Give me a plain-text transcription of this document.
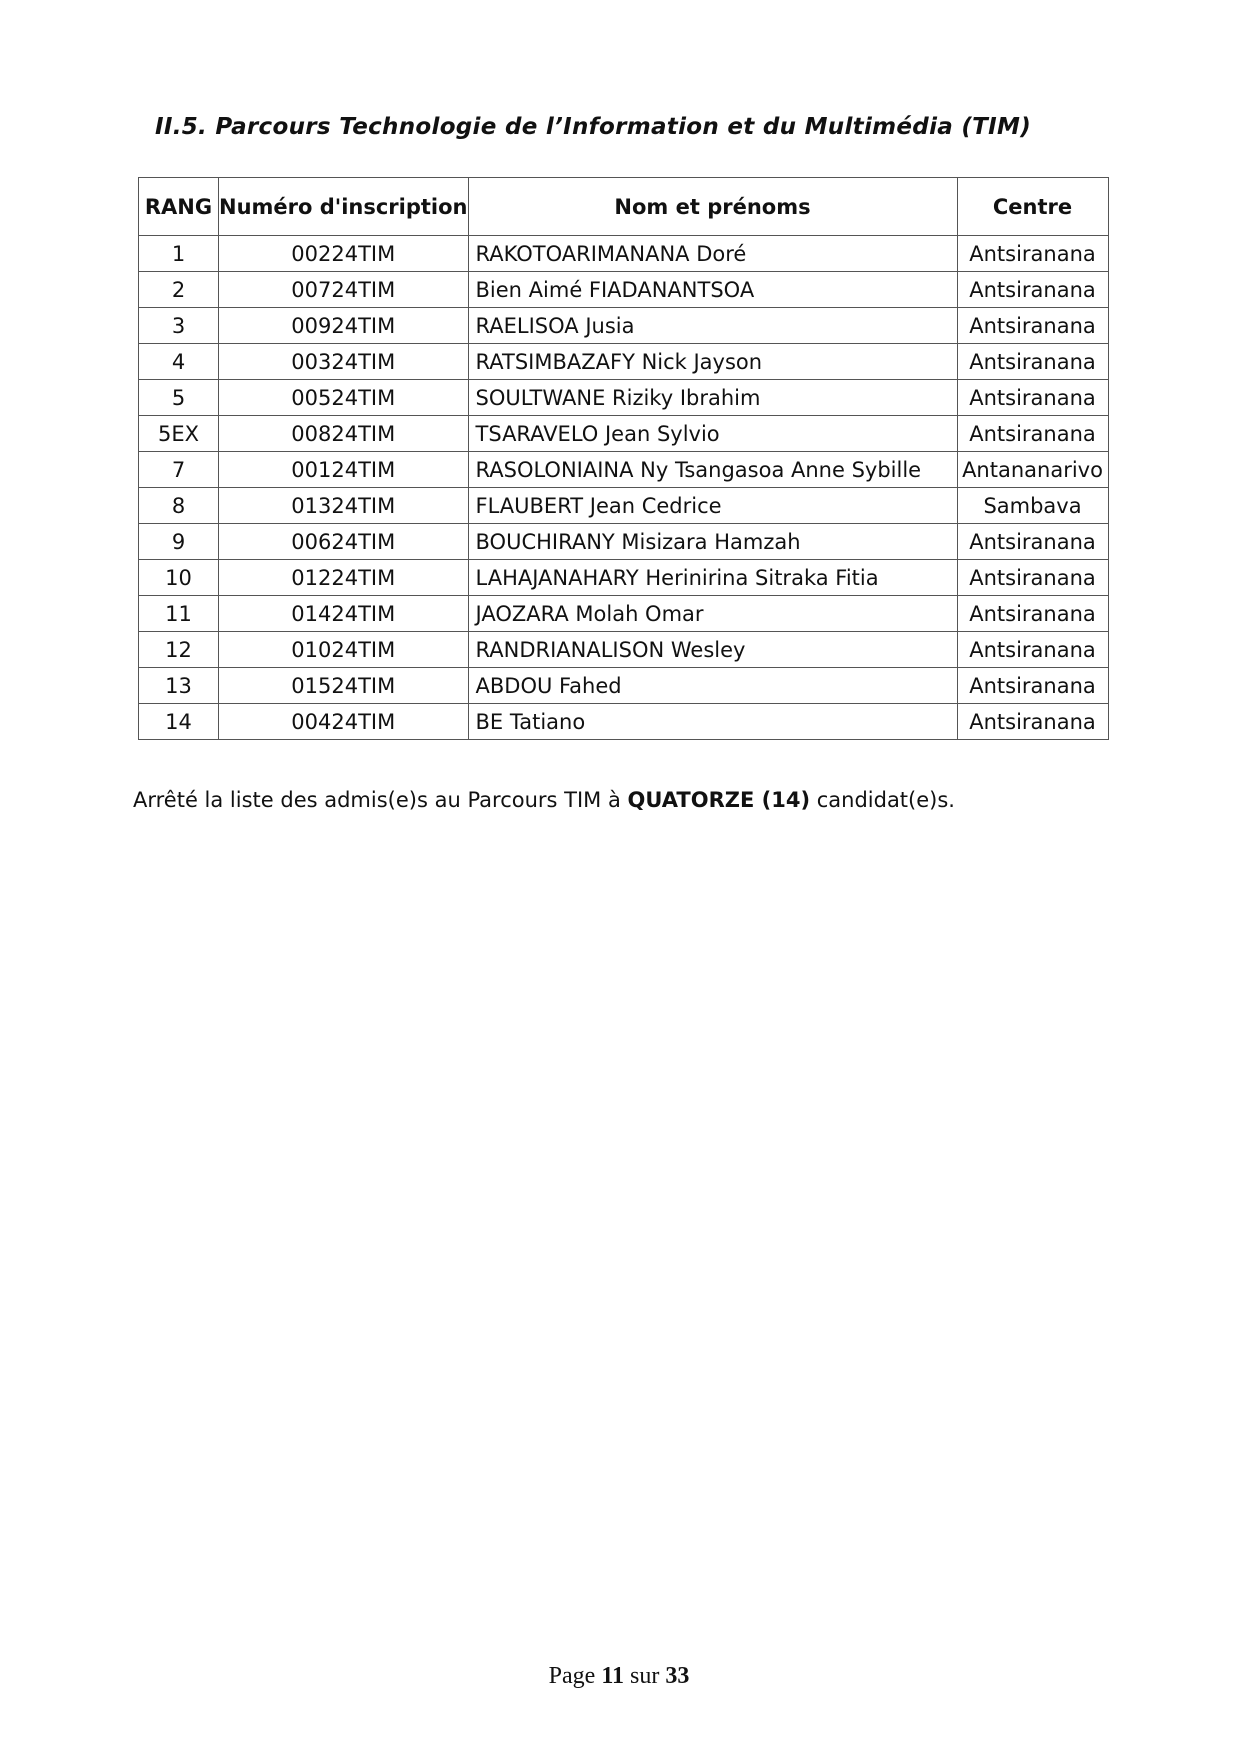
II.5. Parcours Technologie de l’Information et du Multimédia (TIM)
RANG	Numéro d'inscription	Nom et prénoms	Centre
1	00224TIM	RAKOTOARIMANANA Doré	Antsiranana
2	00724TIM	Bien Aimé FIADANANTSOA	Antsiranana
3	00924TIM	RAELISOA Jusia	Antsiranana
4	00324TIM	RATSIMBAZAFY Nick Jayson	Antsiranana
5	00524TIM	SOULTWANE Riziky Ibrahim	Antsiranana
5EX	00824TIM	TSARAVELO Jean Sylvio	Antsiranana
7	00124TIM	RASOLONIAINA Ny Tsangasoa Anne Sybille	Antananarivo
8	01324TIM	FLAUBERT Jean Cedrice	Sambava
9	00624TIM	BOUCHIRANY Misizara Hamzah	Antsiranana
10	01224TIM	LAHAJANAHARY Herinirina Sitraka Fitia	Antsiranana
11	01424TIM	JAOZARA Molah Omar	Antsiranana
12	01024TIM	RANDRIANALISON Wesley	Antsiranana
13	01524TIM	ABDOU Fahed	Antsiranana
14	00424TIM	BE Tatiano	Antsiranana
Arrêté la liste des admis(e)s au Parcours TIM à QUATORZE (14) candidat(e)s.
Page 11 sur 33
